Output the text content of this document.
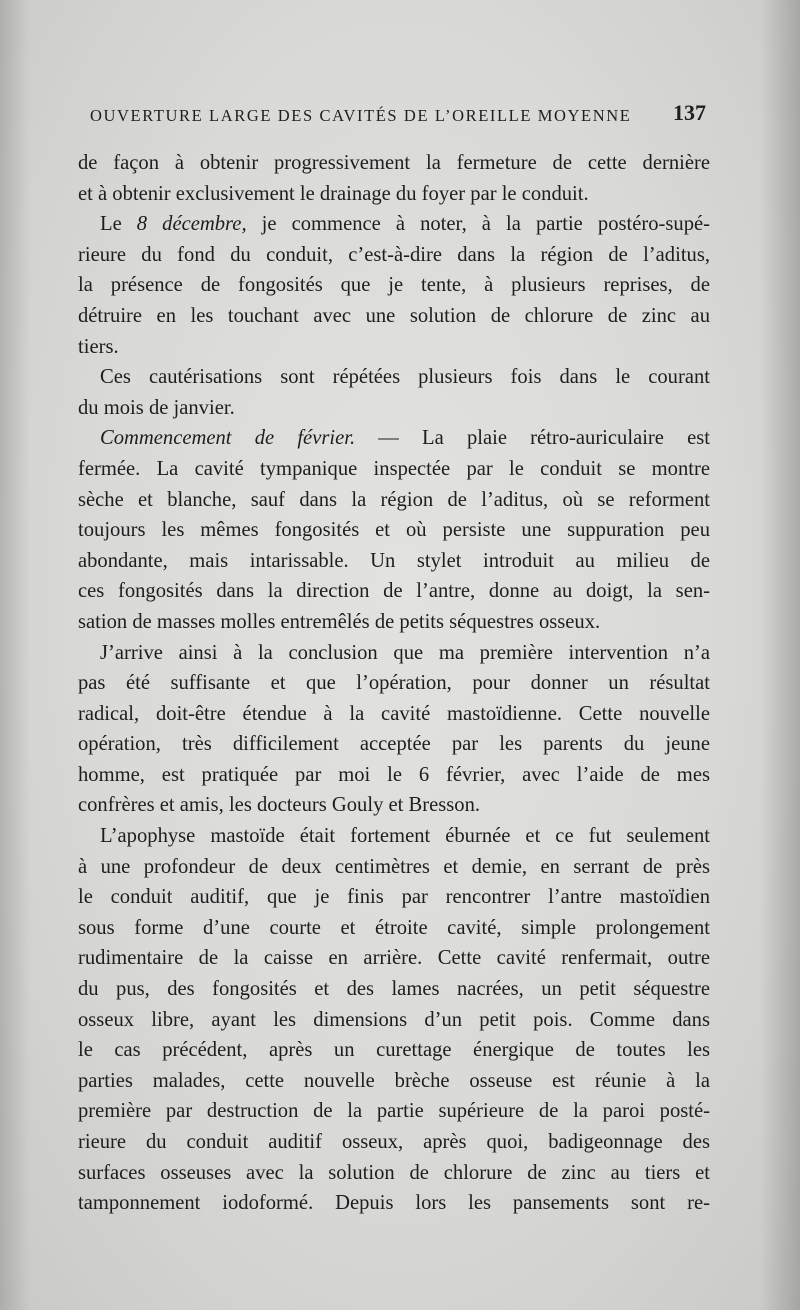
OUVERTURE LARGE DES CAVITÉS DE L’OREILLE MOYENNE 137
de façon à obtenir progressivement la fermeture de cette dernière
et à obtenir exclusivement le drainage du foyer par le conduit.
Le 8 décembre, je commence à noter, à la partie postéro-supé-
rieure du fond du conduit, c’est-à-dire dans la région de l’aditus,
la présence de fongosités que je tente, à plusieurs reprises, de
détruire en les touchant avec une solution de chlorure de zinc au
tiers.
Ces cautérisations sont répétées plusieurs fois dans le courant
du mois de janvier.
Commencement de février. — La plaie rétro-auriculaire est
fermée. La cavité tympanique inspectée par le conduit se montre
sèche et blanche, sauf dans la région de l’aditus, où se reforment
toujours les mêmes fongosités et où persiste une suppuration peu
abondante, mais intarissable. Un stylet introduit au milieu de
ces fongosités dans la direction de l’antre, donne au doigt, la sen-
sation de masses molles entremêlés de petits séquestres osseux.
J’arrive ainsi à la conclusion que ma première intervention n’a
pas été suffisante et que l’opération, pour donner un résultat
radical, doit-être étendue à la cavité mastoïdienne. Cette nouvelle
opération, très difficilement acceptée par les parents du jeune
homme, est pratiquée par moi le 6 février, avec l’aide de mes
confrères et amis, les docteurs Gouly et Bresson.
L’apophyse mastoïde était fortement éburnée et ce fut seulement
à une profondeur de deux centimètres et demie, en serrant de près
le conduit auditif, que je finis par rencontrer l’antre mastoïdien
sous forme d’une courte et étroite cavité, simple prolongement
rudimentaire de la caisse en arrière. Cette cavité renfermait, outre
du pus, des fongosités et des lames nacrées, un petit séquestre
osseux libre, ayant les dimensions d’un petit pois. Comme dans
le cas précédent, après un curettage énergique de toutes les
parties malades, cette nouvelle brèche osseuse est réunie à la
première par destruction de la partie supérieure de la paroi posté-
rieure du conduit auditif osseux, après quoi, badigeonnage des
surfaces osseuses avec la solution de chlorure de zinc au tiers et
tamponnement iodoformé. Depuis lors les pansements sont re-
